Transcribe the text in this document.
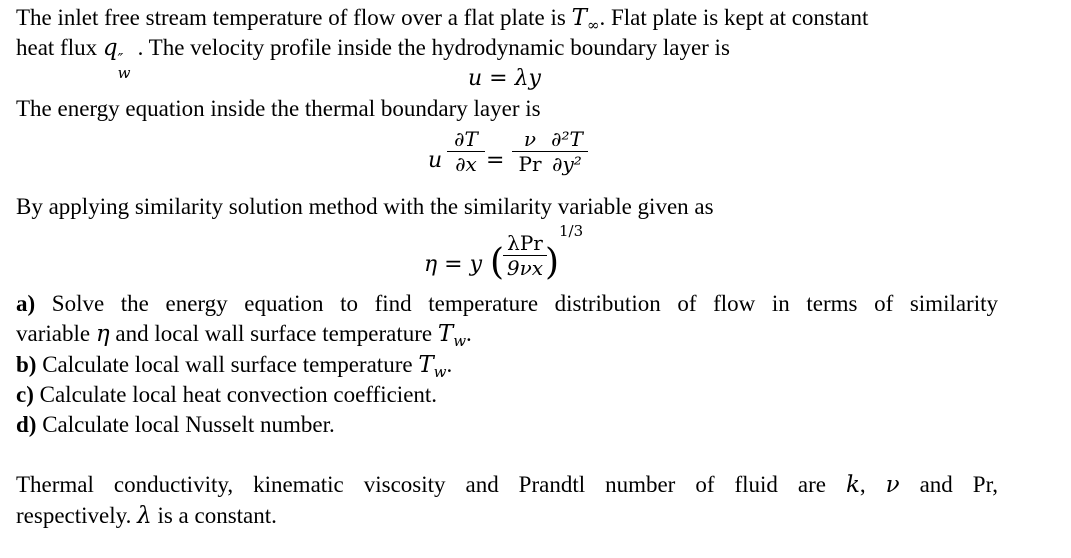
The inlet free stream temperature of flow over a flat plate is $T_\infty$. Flat plate is kept at constant
heat flux q ″
w
. The velocity profile inside the hydrodynamic boundary layer is
u = λy
The energy equation inside the thermal boundary layer is
u $\frac{\partial T}{\partial x} = \frac{\nu}{Pr}$
$\frac{\text{∂²T}}{\text{∂y²}}$
By applying similarity solution method with the similarity variable given as
η = y ( λPr
9νx )
1/3
a) Solve the energy equation to find temperature distribution of flow in terms of similarity
variable η and local wall surface temperature $T_w$.
b) Calculate local wall surface temperature $T_w$.
c) Calculate local heat convection coefficient.
d) Calculate local Nusselt number.
Thermal conductivity, kinematic viscosity and Prandtl number of fluid are k, ν and Pr,
respectively. λ is a constant.
